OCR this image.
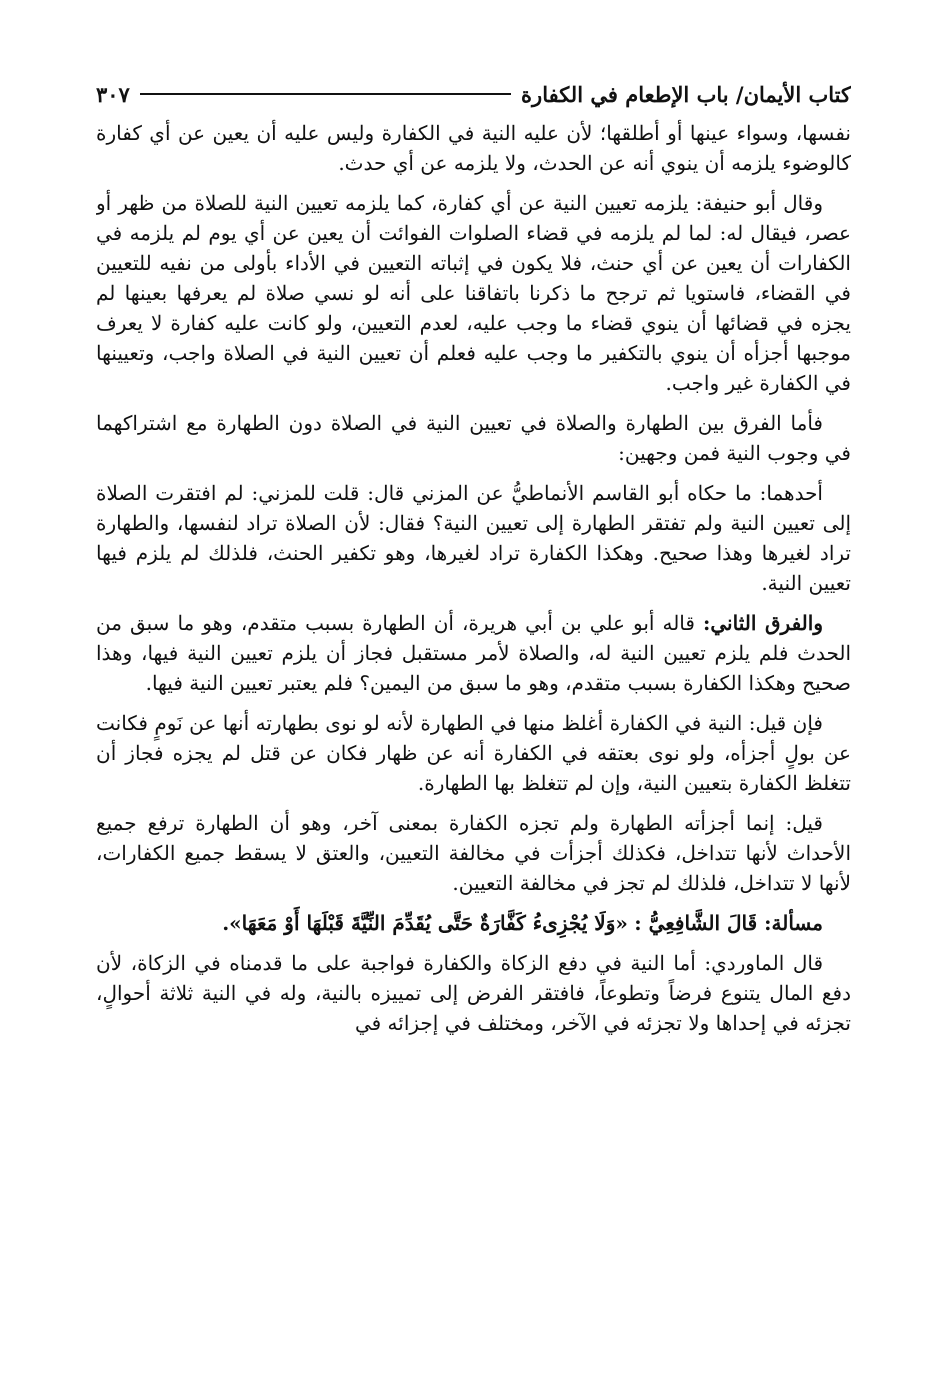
كتاب الأيمان/ باب الإطعام في الكفارة
٣٠٧

نفسها، وسواء عينها أو أطلقها؛ لأن عليه النية في الكفارة وليس عليه أن يعين عن أي كفارة كالوضوء يلزمه أن ينوي أنه عن الحدث، ولا يلزمه عن أي حدث.

وقال أبو حنيفة: يلزمه تعيين النية عن أي كفارة، كما يلزمه تعيين النية للصلاة من ظهر أو عصر، فيقال له: لما لم يلزمه في قضاء الصلوات الفوائت أن يعين عن أي يوم لم يلزمه في الكفارات أن يعين عن أي حنث، فلا يكون في إثباته التعيين في الأداء بأولى من نفيه للتعيين في القضاء، فاستويا ثم ترجح ما ذكرنا باتفاقنا على أنه لو نسي صلاة لم يعرفها بعينها لم يجزه في قضائها أن ينوي قضاء ما وجب عليه، لعدم التعيين، ولو كانت عليه كفارة لا يعرف موجبها أجزأه أن ينوي بالتكفير ما وجب عليه فعلم أن تعيين النية في الصلاة واجب، وتعيينها في الكفارة غير واجب.

فأما الفرق بين الطهارة والصلاة في تعيين النية في الصلاة دون الطهارة مع اشتراكهما في وجوب النية فمن وجهين:

أحدهما: ما حكاه أبو القاسم الأنماطيُّ عن المزني قال: قلت للمزني: لم افتقرت الصلاة إلى تعيين النية ولم تفتقر الطهارة إلى تعيين النية؟ فقال: لأن الصلاة تراد لنفسها، والطهارة تراد لغيرها وهذا صحيح. وهكذا الكفارة تراد لغيرها، وهو تكفير الحنث، فلذلك لم يلزم فيها تعيين النية.

والفرق الثاني: قاله أبو علي بن أبي هريرة، أن الطهارة بسبب متقدم، وهو ما سبق من الحدث فلم يلزم تعيين النية له، والصلاة لأمر مستقبل فجاز أن يلزم تعيين النية فيها، وهذا صحيح وهكذا الكفارة بسبب متقدم، وهو ما سبق من اليمين؟ فلم يعتبر تعيين النية فيها.

فإن قيل: النية في الكفارة أغلظ منها في الطهارة لأنه لو نوى بطهارته أنها عن نَومٍ فكانت عن بولٍ أجزأه، ولو نوى بعتقه في الكفارة أنه عن ظهار فكان عن قتل لم يجزه فجاز أن تتغلظ الكفارة بتعيين النية، وإن لم تتغلظ بها الطهارة.

قيل: إنما أجزأته الطهارة ولم تجزه الكفارة بمعنى آخر، وهو أن الطهارة ترفع جميع الأحداث لأنها تتداخل، فكذلك أجزأت في مخالفة التعيين، والعتق لا يسقط جميع الكفارات، لأنها لا تتداخل، فلذلك لم تجز في مخالفة التعيين.

مسألة: قَالَ الشَّافِعِيُّ : «وَلَا يُجْزِىءُ كَفَّارَةٌ حَتَّى يُقَدِّمَ النِّيَّةَ قَبْلَهَا أَوْ مَعَهَا».

قال الماوردي: أما النية في دفع الزكاة والكفارة فواجبة على ما قدمناه في الزكاة، لأن دفع المال يتنوع فرضاً وتطوعاً، فافتقر الفرض إلى تمييزه بالنية، وله في النية ثلاثة أحوالٍ، تجزئه في إحداها ولا تجزئه في الآخر، ومختلف في إجزائه في
